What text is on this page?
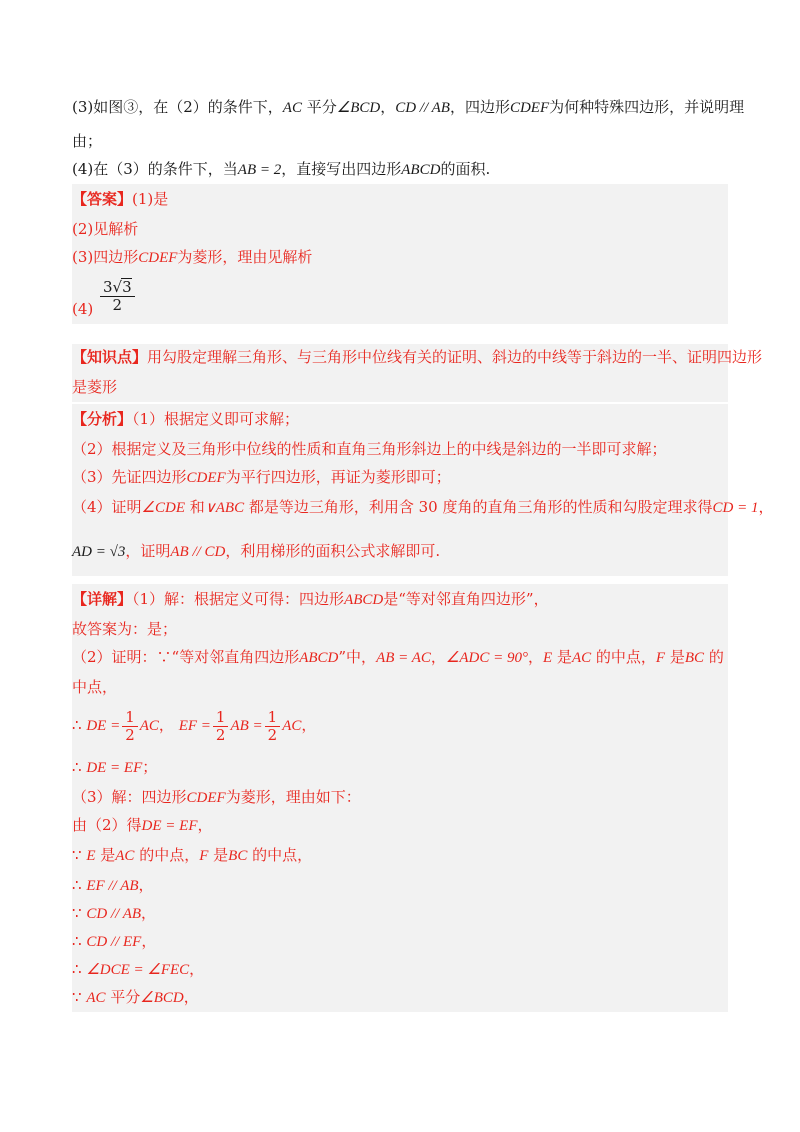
(3)如图③，在（2）的条件下，AC 平分∠BCD，CD // AB，四边形CDEF为何种特殊四边形，并说明理
由；
(4)在（3）的条件下，当AB = 2，直接写出四边形ABCD的面积.
【答案】(1)是
(2)见解析
(3)四边形CDEF为菱形，理由见解析
$(4) \frac{3√3}{2}$
【知识点】用勾股定理解三角形、与三角形中位线有关的证明、斜边的中线等于斜边的一半、证明四边形
是菱形
【分析】（1）根据定义即可求解；
（2）根据定义及三角形中位线的性质和直角三角形斜边上的中线是斜边的一半即可求解；
（3）先证四边形CDEF为平行四边形，再证为菱形即可；
（4）证明∠CDE 和∨ABC 都是等边三角形，利用含 30 度角的直角三角形的性质和勾股定理求得CD = 1，
AD = √3，证明AB // CD，利用梯形的面积公式求解即可.
【详解】（1）解：根据定义可得：四边形ABCD是“等对邻直角四边形”，
故答案为：是；
（2）证明：∵“等对邻直角四边形ABCD”中，AB = AC，∠ADC = 90°，E 是AC 的中点，F 是BC 的
中点，
∴ DE = $\frac{1}{2}$ AC， EF = $\frac{1}{2}$ AB = $\frac{1}{2}$ AC，
∴ DE = EF；
（3）解：四边形CDEF为菱形，理由如下：
由（2）得DE = EF，
∵ E 是AC 的中点，F 是BC 的中点，
∴ EF // AB，
∵ CD // AB，
∴ CD // EF，
∴ ∠DCE = ∠FEC，
∵ AC 平分∠BCD，
